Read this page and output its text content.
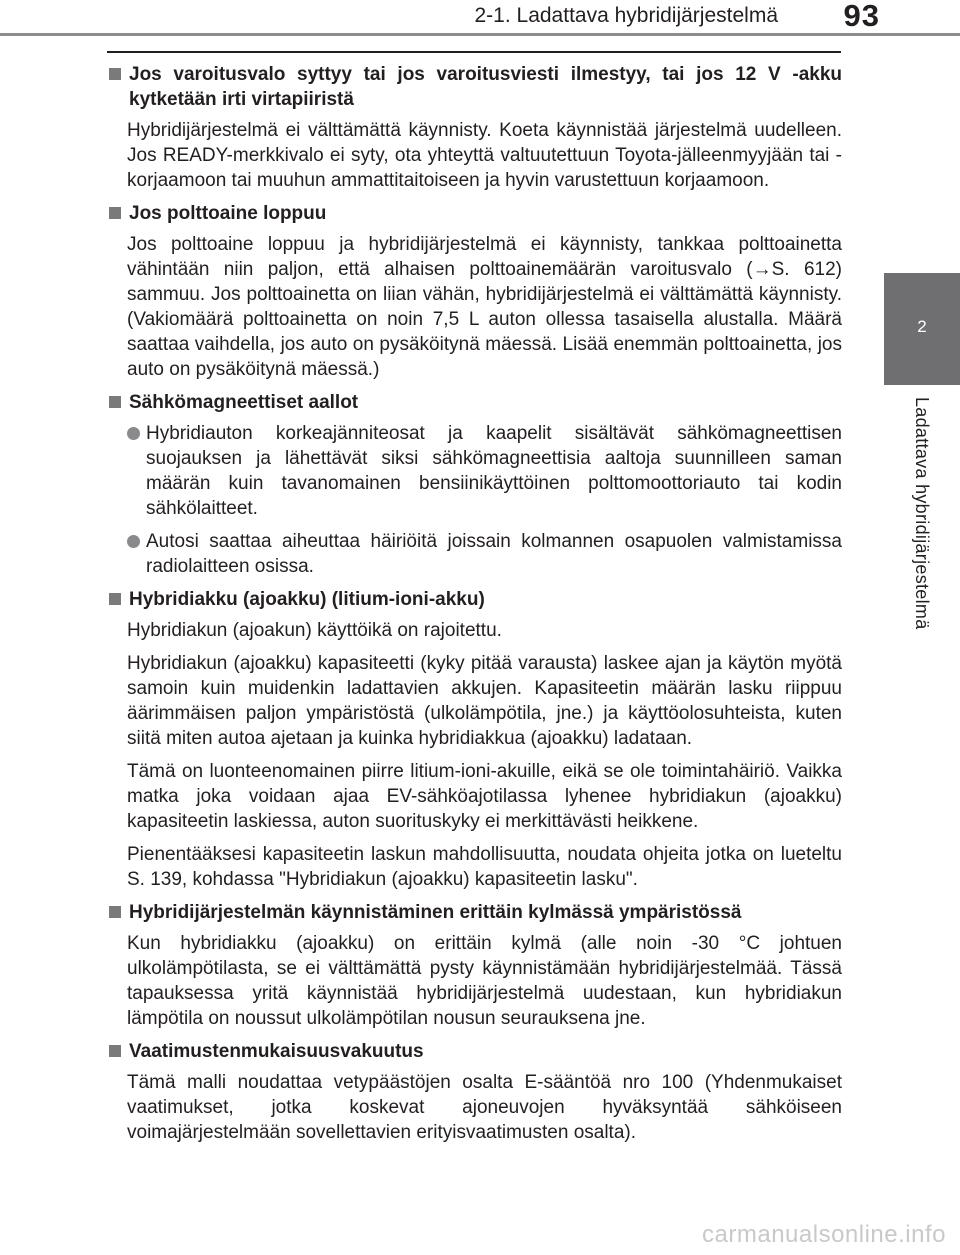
2-1. Ladattava hybridijärjestelmä 93
2
Ladattava hybridijärjestelmä
Jos varoitusvalo syttyy tai jos varoitusviesti ilmestyy, tai jos 12 V -akku kytketään irti virtapiiristä
Hybridijärjestelmä ei välttämättä käynnisty. Koeta käynnistää järjestelmä uudelleen. Jos READY-merkkivalo ei syty, ota yhteyttä valtuutettuun Toyota-jälleenmyyjään tai -korjaamoon tai muuhun ammattitaitoiseen ja hyvin varustettuun korjaamoon.
Jos polttoaine loppuu
Jos polttoaine loppuu ja hybridijärjestelmä ei käynnisty, tankkaa polttoainetta vähintään niin paljon, että alhaisen polttoainemäärän varoitusvalo (→S. 612) sammuu. Jos polttoainetta on liian vähän, hybridijärjestelmä ei välttämättä käynnisty. (Vakiomäärä polttoainetta on noin 7,5 L auton ollessa tasaisella alustalla. Määrä saattaa vaihdella, jos auto on pysäköitynä mäessä. Lisää enemmän polttoainetta, jos auto on pysäköitynä mäessä.)
Sähkömagneettiset aallot
Hybridiauton korkeajänniteosat ja kaapelit sisältävät sähkömagneettisen suojauksen ja lähettävät siksi sähkömagneettisia aaltoja suunnilleen saman määrän kuin tavanomainen bensiinikäyttöinen polttomoottoriauto tai kodin sähkölaitteet.
Autosi saattaa aiheuttaa häiriöitä joissain kolmannen osapuolen valmistamissa radiolaitteen osissa.
Hybridiakku (ajoakku) (litium-ioni-akku)
Hybridiakun (ajoakun) käyttöikä on rajoitettu.
Hybridiakun (ajoakku) kapasiteetti (kyky pitää varausta) laskee ajan ja käytön myötä samoin kuin muidenkin ladattavien akkujen. Kapasiteetin määrän lasku riippuu äärimmäisen paljon ympäristöstä (ulkolämpötila, jne.) ja käyttöolosuhteista, kuten siitä miten autoa ajetaan ja kuinka hybridiakkua (ajoakku) ladataan.
Tämä on luonteenomainen piirre litium-ioni-akuille, eikä se ole toimintahäiriö. Vaikka matka joka voidaan ajaa EV-sähköajotilassa lyhenee hybridiakun (ajoakku) kapasiteetin laskiessa, auton suorituskyky ei merkittävästi heikkene.
Pienentääksesi kapasiteetin laskun mahdollisuutta, noudata ohjeita jotka on lueteltu S. 139, kohdassa "Hybridiakun (ajoakku) kapasiteetin lasku".
Hybridijärjestelmän käynnistäminen erittäin kylmässä ympäristössä
Kun hybridiakku (ajoakku) on erittäin kylmä (alle noin -30 °C johtuen ulkolämpötilasta, se ei välttämättä pysty käynnistämään hybridijärjestelmää. Tässä tapauksessa yritä käynnistää hybridijärjestelmä uudestaan, kun hybridiakun lämpötila on noussut ulkolämpötilan nousun seurauksena jne.
Vaatimustenmukaisuusvakuutus
Tämä malli noudattaa vetypäästöjen osalta E-sääntöä nro 100 (Yhdenmukaiset vaatimukset, jotka koskevat ajoneuvojen hyväksyntää sähköiseen voimajärjestelmään sovellettavien erityisvaatimusten osalta).
carmanualsonline.info
